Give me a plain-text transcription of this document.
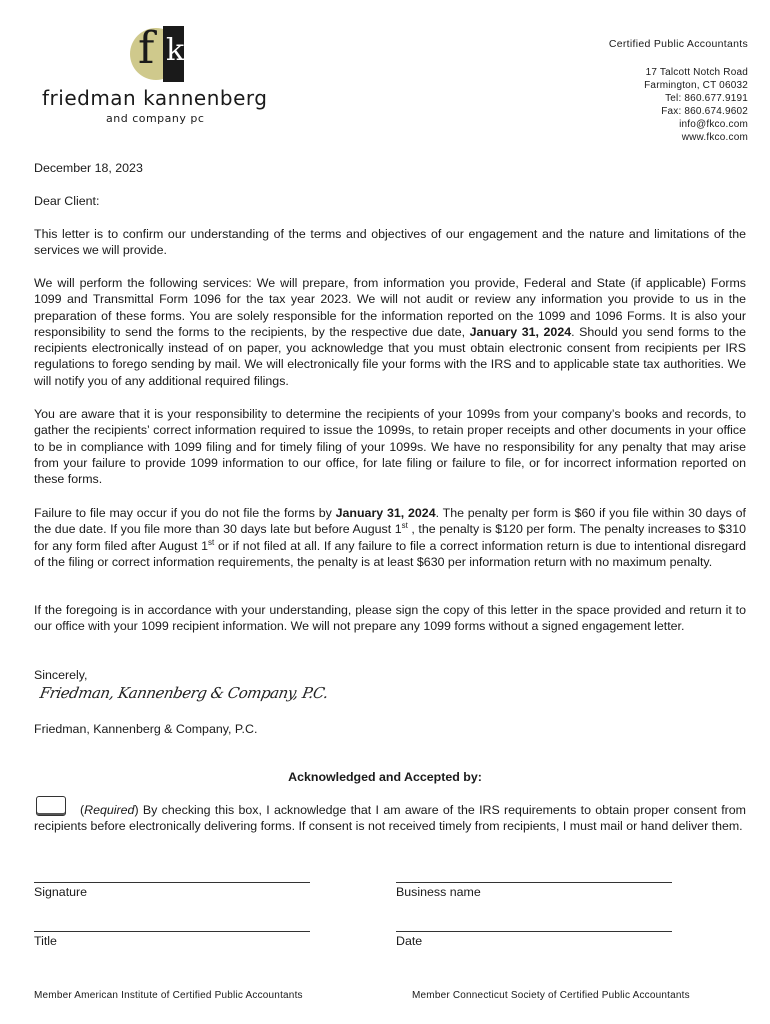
f k
friedman kannenberg
and company pc
Certified Public Accountants
17 Talcott Notch Road
Farmington, CT 06032
Tel: 860.677.9191
Fax: 860.674.9602
info@fkco.com
www.fkco.com
December 18, 2023
Dear Client:
This letter is to confirm our understanding of the terms and objectives of our engagement and the nature and limitations of the services we will provide.
We will perform the following services: We will prepare, from information you provide, Federal and State (if applicable) Forms 1099 and Transmittal Form 1096 for the tax year 2023. We will not audit or review any information you provide to us in the preparation of these forms. You are solely responsible for the information reported on the 1099 and 1096 Forms. It is also your responsibility to send the forms to the recipients, by the respective due date, January 31, 2024. Should you send forms to the recipients electronically instead of on paper, you acknowledge that you must obtain electronic consent from recipients per IRS regulations to forego sending by mail. We will electronically file your forms with the IRS and to applicable state tax authorities. We will notify you of any additional required filings.
You are aware that it is your responsibility to determine the recipients of your 1099s from your company’s books and records, to gather the recipients’ correct information required to issue the 1099s, to retain proper receipts and other documents in your office to be in compliance with 1099 filing and for timely filing of your 1099s. We have no responsibility for any penalty that may arise from your failure to provide 1099 information to our office, for late filing or failure to file, or for incorrect information reported on these forms.
Failure to file may occur if you do not file the forms by January 31, 2024. The penalty per form is $60 if you file within 30 days of the due date. If you file more than 30 days late but before August 1st , the penalty is $120 per form. The penalty increases to $310 for any form filed after August 1st or if not filed at all. If any failure to file a correct information return is due to intentional disregard of the filing or correct information requirements, the penalty is at least $630 per information return with no maximum penalty.
If the foregoing is in accordance with your understanding, please sign the copy of this letter in the space provided and return it to our office with your 1099 recipient information. We will not prepare any 1099 forms without a signed engagement letter.
Sincerely,
Friedman, Kannenberg & Company, P.C.
Friedman, Kannenberg & Company, P.C.
Acknowledged and Accepted by:
(Required) By checking this box, I acknowledge that I am aware of the IRS requirements to obtain proper consent from recipients before electronically delivering forms. If consent is not received timely from recipients, I must mail or hand deliver them.
Signature	Business name
Title	Date
Member American Institute of Certified Public Accountants	Member Connecticut Society of Certified Public Accountants
